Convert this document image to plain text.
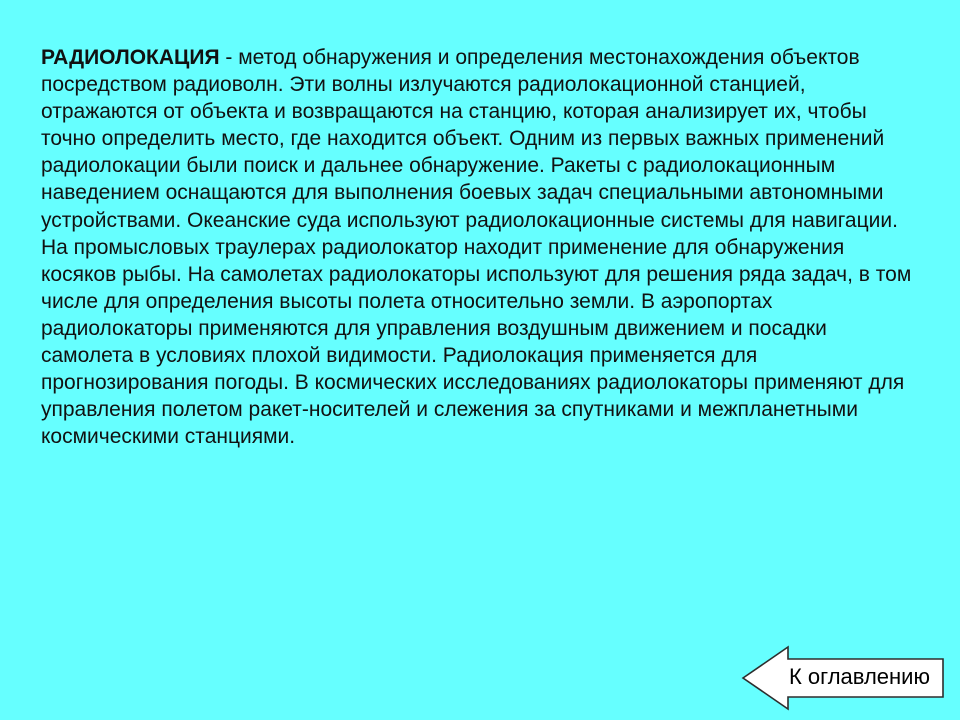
РАДИОЛОКАЦИЯ - метод обнаружения и определения местонахождения объектов посредством радиоволн. Эти волны излучаются радиолокационной станцией, отражаются от объекта и возвращаются на станцию, которая анализирует их, чтобы точно определить место, где находится объект. Одним из первых важных применений радиолокации были поиск и дальнее обнаружение. Ракеты с радиолокационным наведением оснащаются для выполнения боевых задач специальными автономными устройствами. Океанские суда используют радиолокационные системы для навигации. На промысловых траулерах радиолокатор находит применение для обнаружения косяков рыбы. На самолетах радиолокаторы используют для решения ряда задач, в том числе для определения высоты полета относительно земли. В аэропортах радиолокаторы применяются для управления воздушным движением и посадки самолета в условиях плохой видимости. Радиолокация применяется для прогнозирования погоды. В космических исследованиях радиолокаторы применяют для управления полетом ракет-носителей и слежения за спутниками и межпланетными космическими станциями.

К оглавлению
